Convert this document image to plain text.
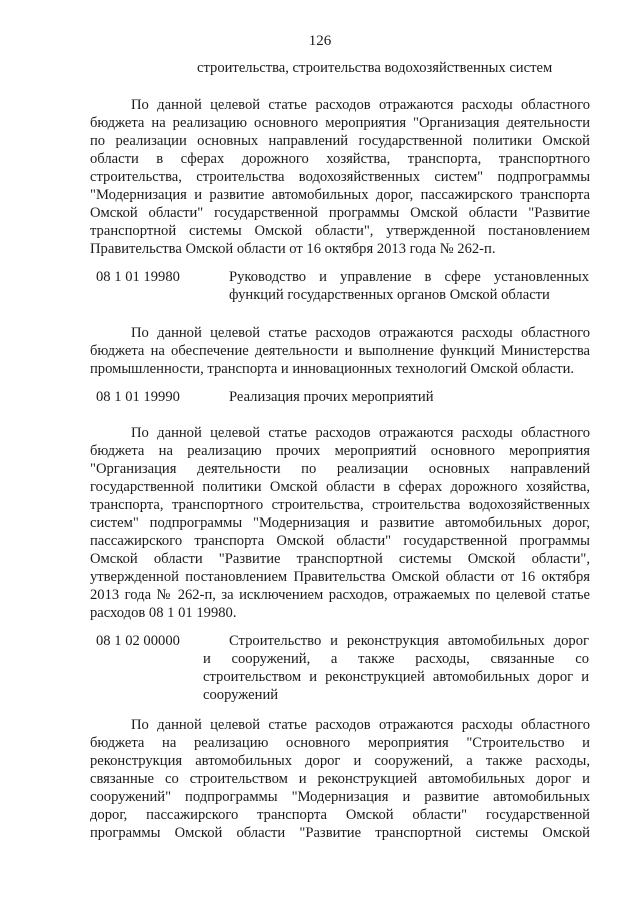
126
строительства, строительства водохозяйственных систем
По данной целевой статье расходов отражаются расходы областного
бюджета на реализацию основного мероприятия "Организация деятельности
по реализации основных направлений государственной политики Омской
области в сферах дорожного хозяйства, транспорта, транспортного
строительства, строительства водохозяйственных систем" подпрограммы
"Модернизация и развитие автомобильных дорог, пассажирского транспорта
Омской области" государственной программы Омской области "Развитие
транспортной системы Омской области", утвержденной постановлением
Правительства Омской области от 16 октября 2013 года № 262-п.
08 1 01 19980	Руководство и управление в сфере установленных
функций государственных органов Омской области
По данной целевой статье расходов отражаются расходы областного
бюджета на обеспечение деятельности и выполнение функций Министерства
промышленности, транспорта и инновационных технологий Омской области.
08 1 01 19990	Реализация прочих мероприятий
По данной целевой статье расходов отражаются расходы областного
бюджета на реализацию прочих мероприятий основного мероприятия
"Организация деятельности по реализации основных направлений
государственной политики Омской области в сферах дорожного хозяйства,
транспорта, транспортного строительства, строительства водохозяйственных
систем" подпрограммы "Модернизация и развитие автомобильных дорог,
пассажирского транспорта Омской области" государственной программы
Омской области "Развитие транспортной системы Омской области",
утвержденной постановлением Правительства Омской области от 16 октября
2013 года № 262-п, за исключением расходов, отражаемых по целевой статье
расходов 08 1 01 19980.
08 1 02 00000	Строительство и реконструкция автомобильных дорог
и сооружений, а также расходы, связанные со
строительством и реконструкцией автомобильных дорог и
сооружений
По данной целевой статье расходов отражаются расходы областного
бюджета на реализацию основного мероприятия "Строительство и
реконструкция автомобильных дорог и сооружений, а также расходы,
связанные со строительством и реконструкцией автомобильных дорог и
сооружений" подпрограммы "Модернизация и развитие автомобильных
дорог, пассажирского транспорта Омской области" государственной
программы Омской области "Развитие транспортной системы Омской
